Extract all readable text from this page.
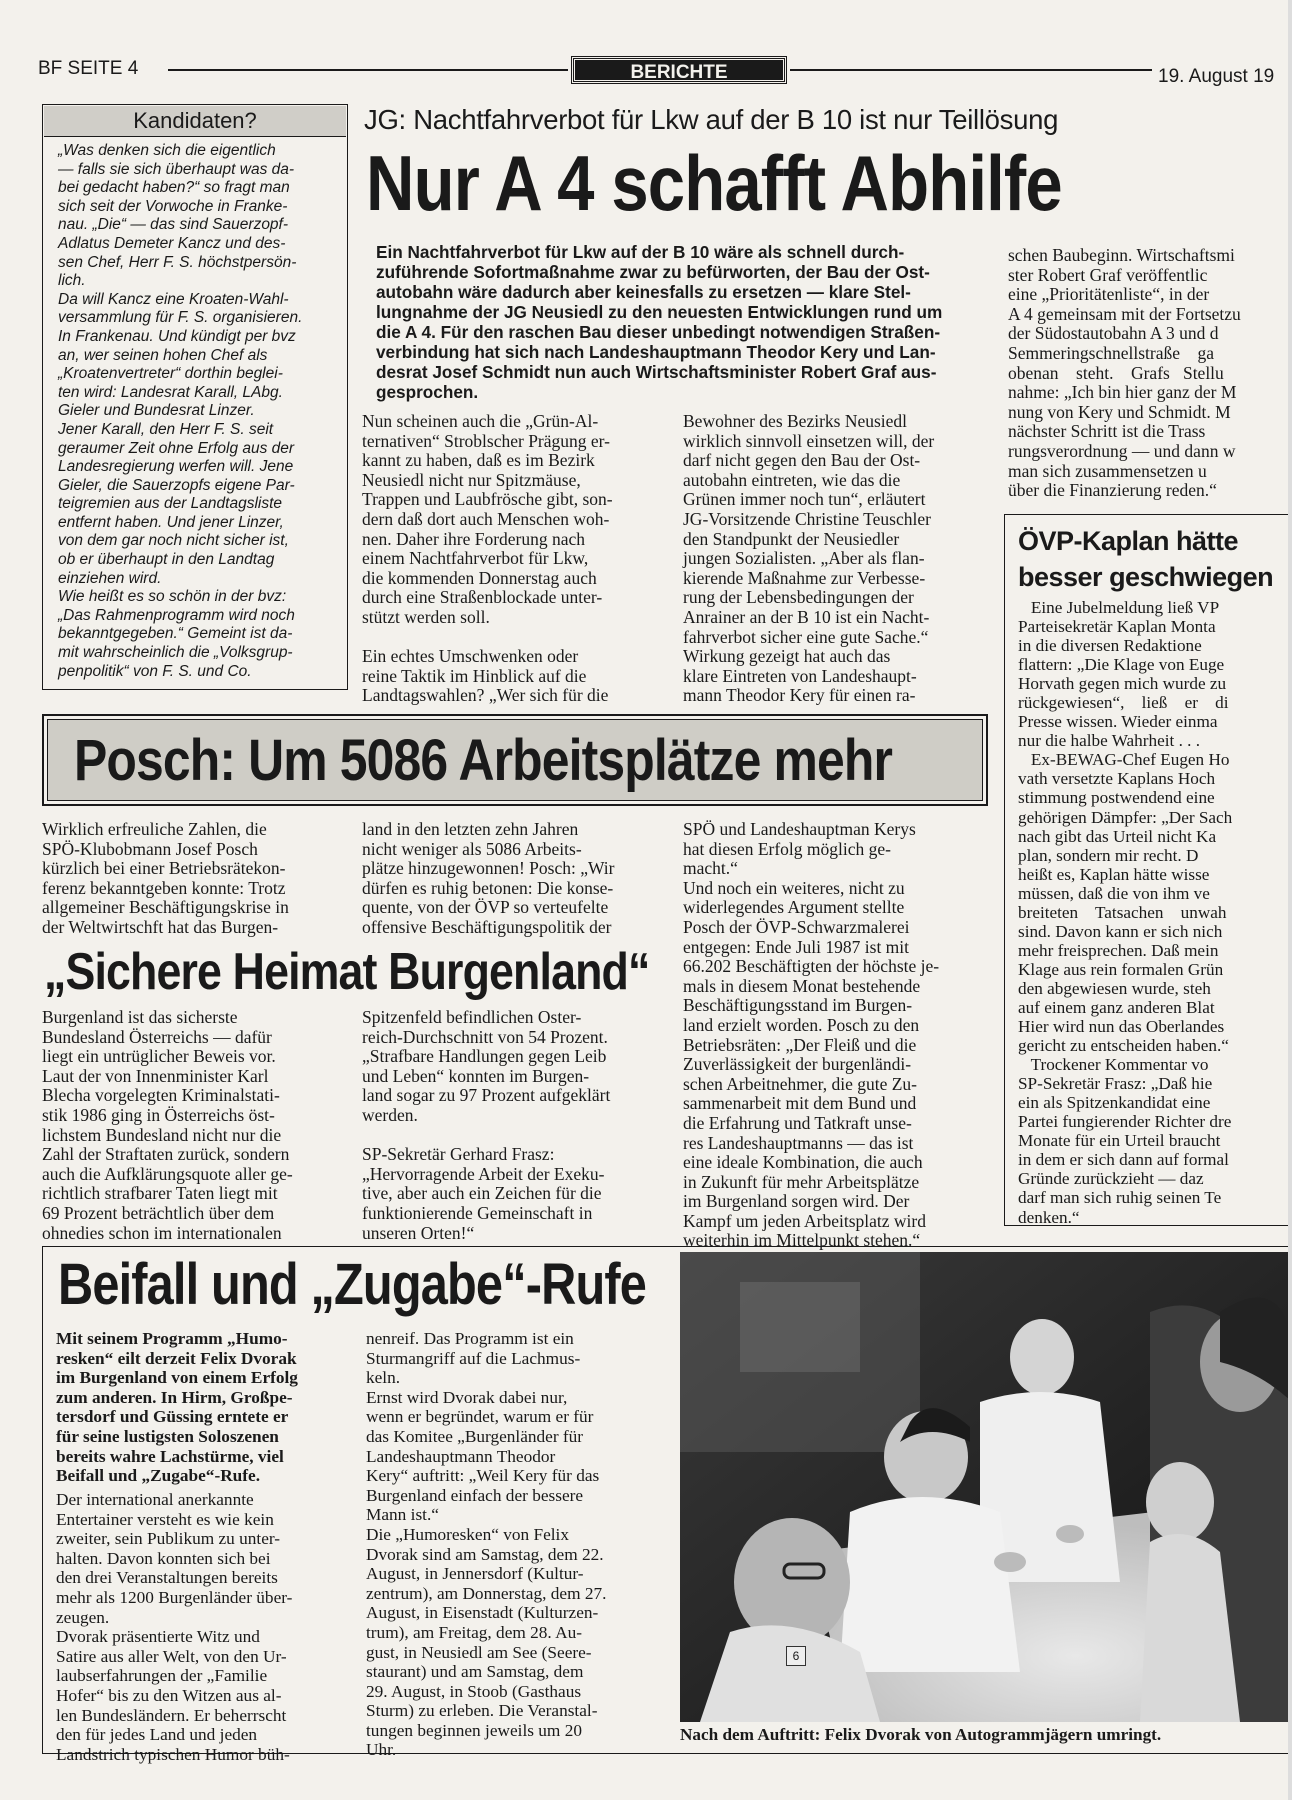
BF SEITE 4	BERICHTE	19. August 19
Kandidaten?

„Was denken sich die eigentlich
— falls sie sich überhaupt was da-
bei gedacht haben?“ so fragt man
sich seit der Vorwoche in Franke-
nau. „Die“ — das sind Sauerzopf-
Adlatus Demeter Kancz und des-
sen Chef, Herr F. S. höchstpersön-
lich.
Da will Kancz eine Kroaten-Wahl-
versammlung für F. S. organisieren.
In Frankenau. Und kündigt per bvz
an, wer seinen hohen Chef als
„Kroatenvertreter“ dorthin beglei-
ten wird: Landesrat Karall, LAbg.
Gieler und Bundesrat Linzer.
Jener Karall, den Herr F. S. seit
geraumer Zeit ohne Erfolg aus der
Landesregierung werfen will. Jene
Gieler, die Sauerzopfs eigene Par-
teigremien aus der Landtagsliste
entfernt haben. Und jener Linzer,
von dem gar noch nicht sicher ist,
ob er überhaupt in den Landtag
einziehen wird.
Wie heißt es so schön in der bvz:
„Das Rahmenprogramm wird noch
bekanntgegeben.“ Gemeint ist da-
mit wahrscheinlich die „Volksgrup-
penpolitik“ von F. S. und Co.

JG: Nachtfahrverbot für Lkw auf der B 10 ist nur Teillösung
Nur A 4 schafft Abhilfe

Ein Nachtfahrverbot für Lkw auf der B 10 wäre als schnell durch-
zuführende Sofortmaßnahme zwar zu befürworten, der Bau der Ost-
autobahn wäre dadurch aber keinesfalls zu ersetzen — klare Stel-
lungnahme der JG Neusiedl zu den neuesten Entwicklungen rund um
die A 4. Für den raschen Bau dieser unbedingt notwendigen Straßen-
verbindung hat sich nach Landeshauptmann Theodor Kery und Lan-
desrat Josef Schmidt nun auch Wirtschaftsminister Robert Graf aus-
gesprochen.

Nun scheinen auch die „Grün-Al-
ternativen“ Stroblscher Prägung er-
kannt zu haben, daß es im Bezirk
Neusiedl nicht nur Spitzmäuse,
Trappen und Laubfrösche gibt, son-
dern daß dort auch Menschen woh-
nen. Daher ihre Forderung nach
einem Nachtfahrverbot für Lkw,
die kommenden Donnerstag auch
durch eine Straßenblockade unter-
stützt werden soll.

Ein echtes Umschwenken oder
reine Taktik im Hinblick auf die
Landtagswahlen? „Wer sich für die

Bewohner des Bezirks Neusiedl
wirklich sinnvoll einsetzen will, der
darf nicht gegen den Bau der Ost-
autobahn eintreten, wie das die
Grünen immer noch tun“, erläutert
JG-Vorsitzende Christine Teuschler
den Standpunkt der Neusiedler
jungen Sozialisten. „Aber als flan-
kierende Maßnahme zur Verbesse-
rung der Lebensbedingungen der
Anrainer an der B 10 ist ein Nacht-
fahrverbot sicher eine gute Sache.“
Wirkung gezeigt hat auch das
klare Eintreten von Landeshaupt-
mann Theodor Kery für einen ra-

schen Baubeginn. Wirtschaftsmi
ster Robert Graf veröffentlic
eine „Prioritätenliste“, in der
A 4 gemeinsam mit der Fortsetzu
der Südostautobahn A 3 und d
Semmeringschnellstraße    ga
obenan    steht.    Grafs   Stellu
nahme: „Ich bin hier ganz der M
nung von Kery und Schmidt. M
nächster Schritt ist die Trass
rungsverordnung — und dann w
man sich zusammensetzen u
über die Finanzierung reden.“

ÖVP-Kaplan hätte
besser geschwiegen

Eine Jubelmeldung ließ VP
Parteisekretär Kaplan Monta
in die diversen Redaktione
flattern: „Die Klage von Euge
Horvath gegen mich wurde zu
rückgewiesen“,    ließ    er    di
Presse wissen. Wieder einma
nur die halbe Wahrheit . . .
Ex-BEWAG-Chef Eugen Ho
vath versetzte Kaplans Hoch
stimmung postwendend eine
gehörigen Dämpfer: „Der Sach
nach gibt das Urteil nicht Ka
plan, sondern mir recht. D
heißt es, Kaplan hätte wisse
müssen, daß die von ihm ve
breiteten    Tatsachen    unwah
sind. Davon kann er sich nich
mehr freisprechen. Daß mein
Klage aus rein formalen Grün
den abgewiesen wurde, steh
auf einem ganz anderen Blat
Hier wird nun das Oberlandes
gericht zu entscheiden haben.“
Trockener Kommentar vo
SP-Sekretär Frasz: „Daß hie
ein als Spitzenkandidat eine
Partei fungierender Richter dre
Monate für ein Urteil braucht
in dem er sich dann auf formal
Gründe zurückzieht — daz
darf man sich ruhig seinen Te
denken.“

Posch: Um 5086 Arbeitsplätze mehr

Wirklich erfreuliche Zahlen, die
SPÖ-Klubobmann Josef Posch
kürzlich bei einer Betriebsrätekon-
ferenz bekanntgeben konnte: Trotz
allgemeiner Beschäftigungskrise in
der Weltwirtschft hat das Burgen-

land in den letzten zehn Jahren
nicht weniger als 5086 Arbeits-
plätze hinzugewonnen! Posch: „Wir
dürfen es ruhig betonen: Die konse-
quente, von der ÖVP so verteufelte
offensive Beschäftigungspolitik der

SPÖ und Landeshauptman Kerys
hat diesen Erfolg möglich ge-
macht.“
Und noch ein weiteres, nicht zu
widerlegendes Argument stellte
Posch der ÖVP-Schwarzmalerei
entgegen: Ende Juli 1987 ist mit
66.202 Beschäftigten der höchste je-
mals in diesem Monat bestehende
Beschäftigungsstand im Burgen-
land erzielt worden. Posch zu den
Betriebsräten: „Der Fleiß und die
Zuverlässigkeit der burgenländi-
schen Arbeitnehmer, die gute Zu-
sammenarbeit mit dem Bund und
die Erfahrung und Tatkraft unse-
res Landeshauptmanns — das ist
eine ideale Kombination, die auch
in Zukunft für mehr Arbeitsplätze
im Burgenland sorgen wird. Der
Kampf um jeden Arbeitsplatz wird
weiterhin im Mittelpunkt stehen.“

„Sichere Heimat Burgenland“

Burgenland ist das sicherste
Bundesland Österreichs — dafür
liegt ein untrüglicher Beweis vor.
Laut der von Innenminister Karl
Blecha vorgelegten Kriminalstati-
stik 1986 ging in Österreichs öst-
lichstem Bundesland nicht nur die
Zahl der Straftaten zurück, sondern
auch die Aufklärungsquote aller ge-
richtlich strafbarer Taten liegt mit
69 Prozent beträchtlich über dem
ohnedies schon im internationalen

Spitzenfeld befindlichen Oster-
reich-Durchschnitt von 54 Prozent.
„Strafbare Handlungen gegen Leib
und Leben“ konnten im Burgen-
land sogar zu 97 Prozent aufgeklärt
werden.

SP-Sekretär Gerhard Frasz:
„Hervorragende Arbeit der Exeku-
tive, aber auch ein Zeichen für die
funktionierende Gemeinschaft in
unseren Orten!“

Beifall und „Zugabe“-Rufe

Mit seinem Programm „Humo-
resken“ eilt derzeit Felix Dvorak
im Burgenland von einem Erfolg
zum anderen. In Hirm, Großpe-
tersdorf und Güssing erntete er
für seine lustigsten Soloszenen
bereits wahre Lachstürme, viel
Beifall und „Zugabe“-Rufe.

Der international anerkannte
Entertainer versteht es wie kein
zweiter, sein Publikum zu unter-
halten. Davon konnten sich bei
den drei Veranstaltungen bereits
mehr als 1200 Burgenländer über-
zeugen.
Dvorak präsentierte Witz und
Satire aus aller Welt, von den Ur-
laubserfahrungen der „Familie
Hofer“ bis zu den Witzen aus al-
len Bundesländern. Er beherrscht
den für jedes Land und jeden
Landstrich typischen Humor büh-

nenreif. Das Programm ist ein
Sturmangriff auf die Lachmus-
keln.
Ernst wird Dvorak dabei nur,
wenn er begründet, warum er für
das Komitee „Burgenländer für
Landeshauptmann Theodor
Kery“ auftritt: „Weil Kery für das
Burgenland einfach der bessere
Mann ist.“
Die „Humoresken“ von Felix
Dvorak sind am Samstag, dem 22.
August, in Jennersdorf (Kultur-
zentrum), am Donnerstag, dem 27.
August, in Eisenstadt (Kulturzen-
trum), am Freitag, dem 28. Au-
gust, in Neusiedl am See (Seere-
staurant) und am Samstag, dem
29. August, in Stoob (Gasthaus
Sturm) zu erleben. Die Veranstal-
tungen beginnen jeweils um 20
Uhr.

6
Nach dem Auftritt: Felix Dvorak von Autogrammjägern umringt.
